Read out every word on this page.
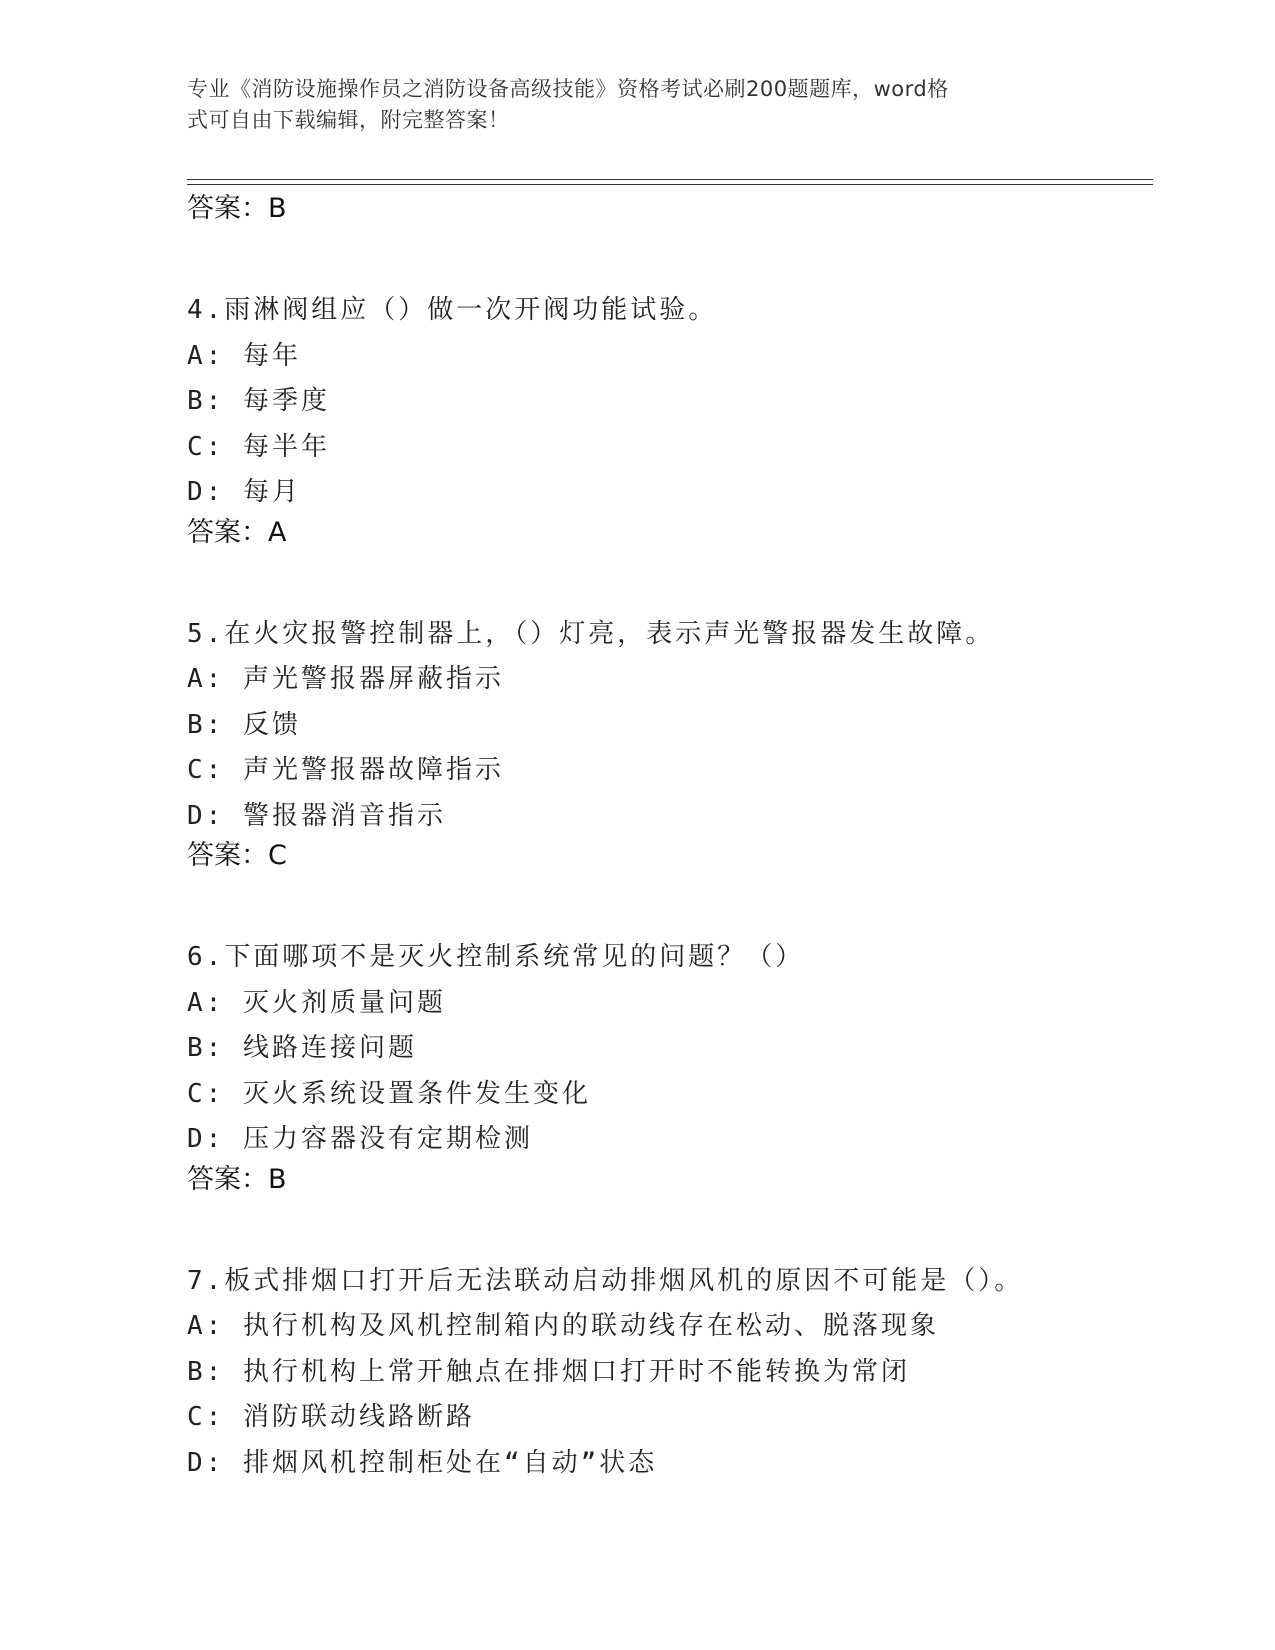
专业《消防设施操作员之消防设备高级技能》资格考试必刷200题题库，word格
式可自由下载编辑，附完整答案！
答案：B
4.雨淋阀组应（）做一次开阀功能试验。
A: 每年
B: 每季度
C: 每半年
D: 每月
答案：A
5.在火灾报警控制器上，（）灯亮，表示声光警报器发生故障。
A: 声光警报器屏蔽指示
B: 反馈
C: 声光警报器故障指示
D: 警报器消音指示
答案：C
6.下面哪项不是灭火控制系统常见的问题？（）
A: 灭火剂质量问题
B: 线路连接问题
C: 灭火系统设置条件发生变化
D: 压力容器没有定期检测
答案：B
7.板式排烟口打开后无法联动启动排烟风机的原因不可能是（）。
A: 执行机构及风机控制箱内的联动线存在松动、脱落现象
B: 执行机构上常开触点在排烟口打开时不能转换为常闭
C: 消防联动线路断路
D: 排烟风机控制柜处在“自动”状态
